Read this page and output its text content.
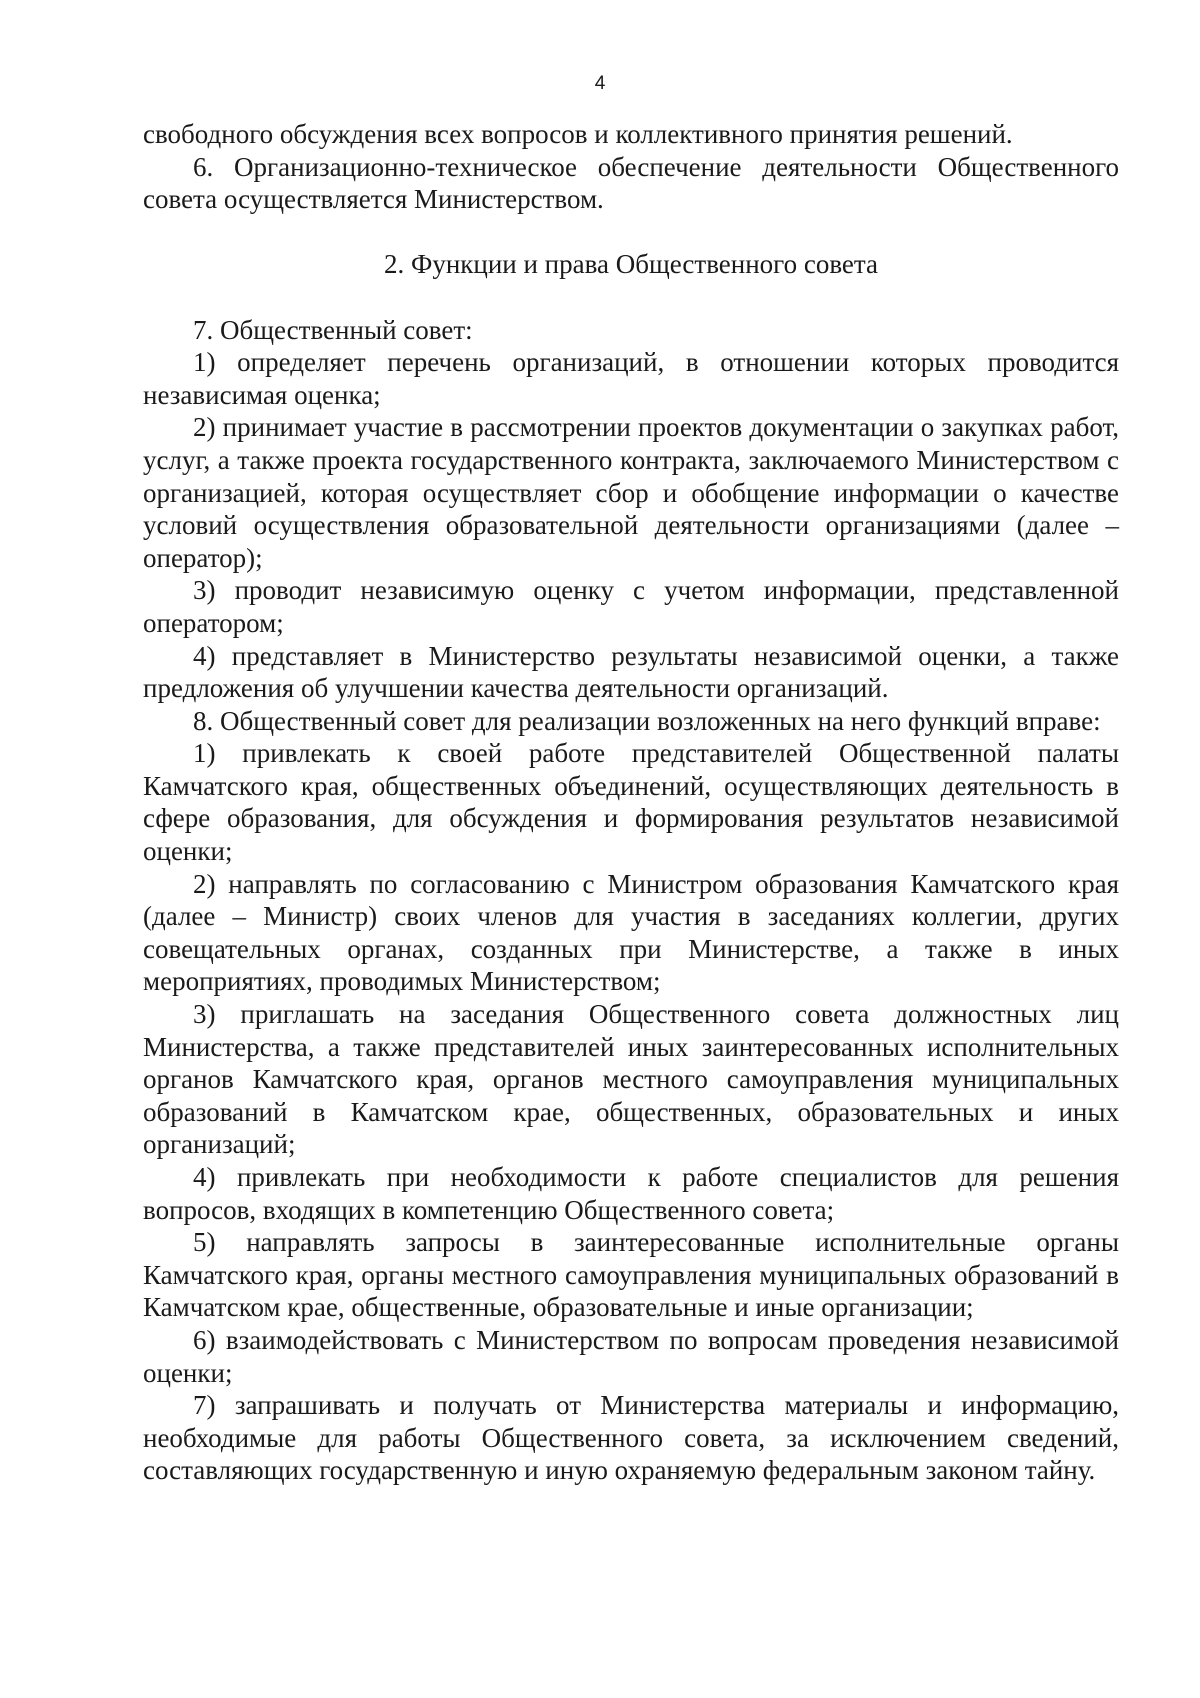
4

свободного обсуждения всех вопросов и коллективного принятия решений.

6. Организационно-техническое обеспечение деятельности Общественного совета осуществляется Министерством.

2. Функции и права Общественного совета

7. Общественный совет:

1) определяет перечень организаций, в отношении которых проводится независимая оценка;

2) принимает участие в рассмотрении проектов документации о закупках работ, услуг, а также проекта государственного контракта, заключаемого Министерством с организацией, которая осуществляет сбор и обобщение информации о качестве условий осуществления образовательной деятельности организациями (далее – оператор);

3) проводит независимую оценку с учетом информации, представленной оператором;

4) представляет в Министерство результаты независимой оценки, а также предложения об улучшении качества деятельности организаций.

8. Общественный совет для реализации возложенных на него функций вправе:

1) привлекать к своей работе представителей Общественной палаты Камчатского края, общественных объединений, осуществляющих деятельность в сфере образования, для обсуждения и формирования результатов независимой оценки;

2) направлять по согласованию с Министром образования Камчатского края (далее – Министр) своих членов для участия в заседаниях коллегии, других совещательных органах, созданных при Министерстве, а также в иных мероприятиях, проводимых Министерством;

3) приглашать на заседания Общественного совета должностных лиц Министерства, а также представителей иных заинтересованных исполнительных органов Камчатского края, органов местного самоуправления муниципальных образований в Камчатском крае, общественных, образовательных и иных организаций;

4) привлекать при необходимости к работе специалистов для решения вопросов, входящих в компетенцию Общественного совета;

5) направлять запросы в заинтересованные исполнительные органы Камчатского края, органы местного самоуправления муниципальных образований в Камчатском крае, общественные, образовательные и иные организации;

6) взаимодействовать с Министерством по вопросам проведения независимой оценки;

7) запрашивать и получать от Министерства материалы и информацию, необходимые для работы Общественного совета, за исключением сведений, составляющих государственную и иную охраняемую федеральным законом тайну.
